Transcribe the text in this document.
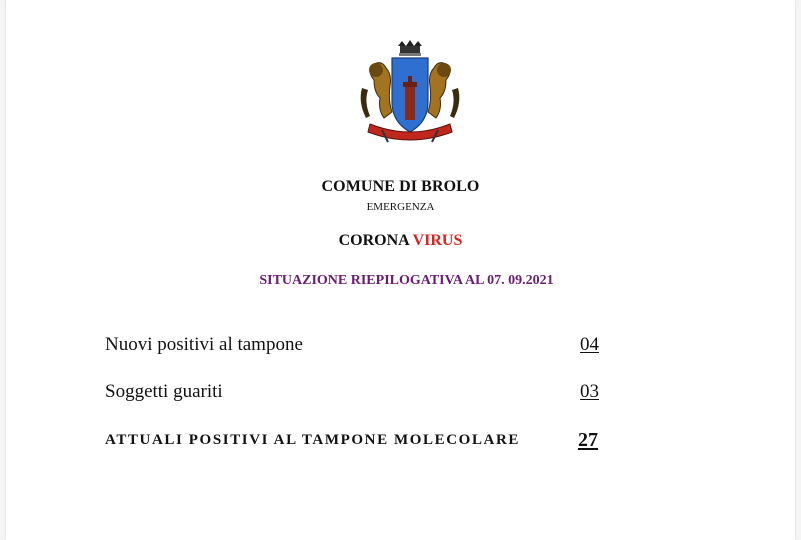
COMUNE DI BROLO
EMERGENZA
CORONA VIRUS
SITUAZIONE RIEPILOGATIVA AL 07. 09.2021
Nuovi positivi al tampone	04
Soggetti guariti	03
ATTUALI POSITIVI AL TAMPONE MOLECOLARE	27
